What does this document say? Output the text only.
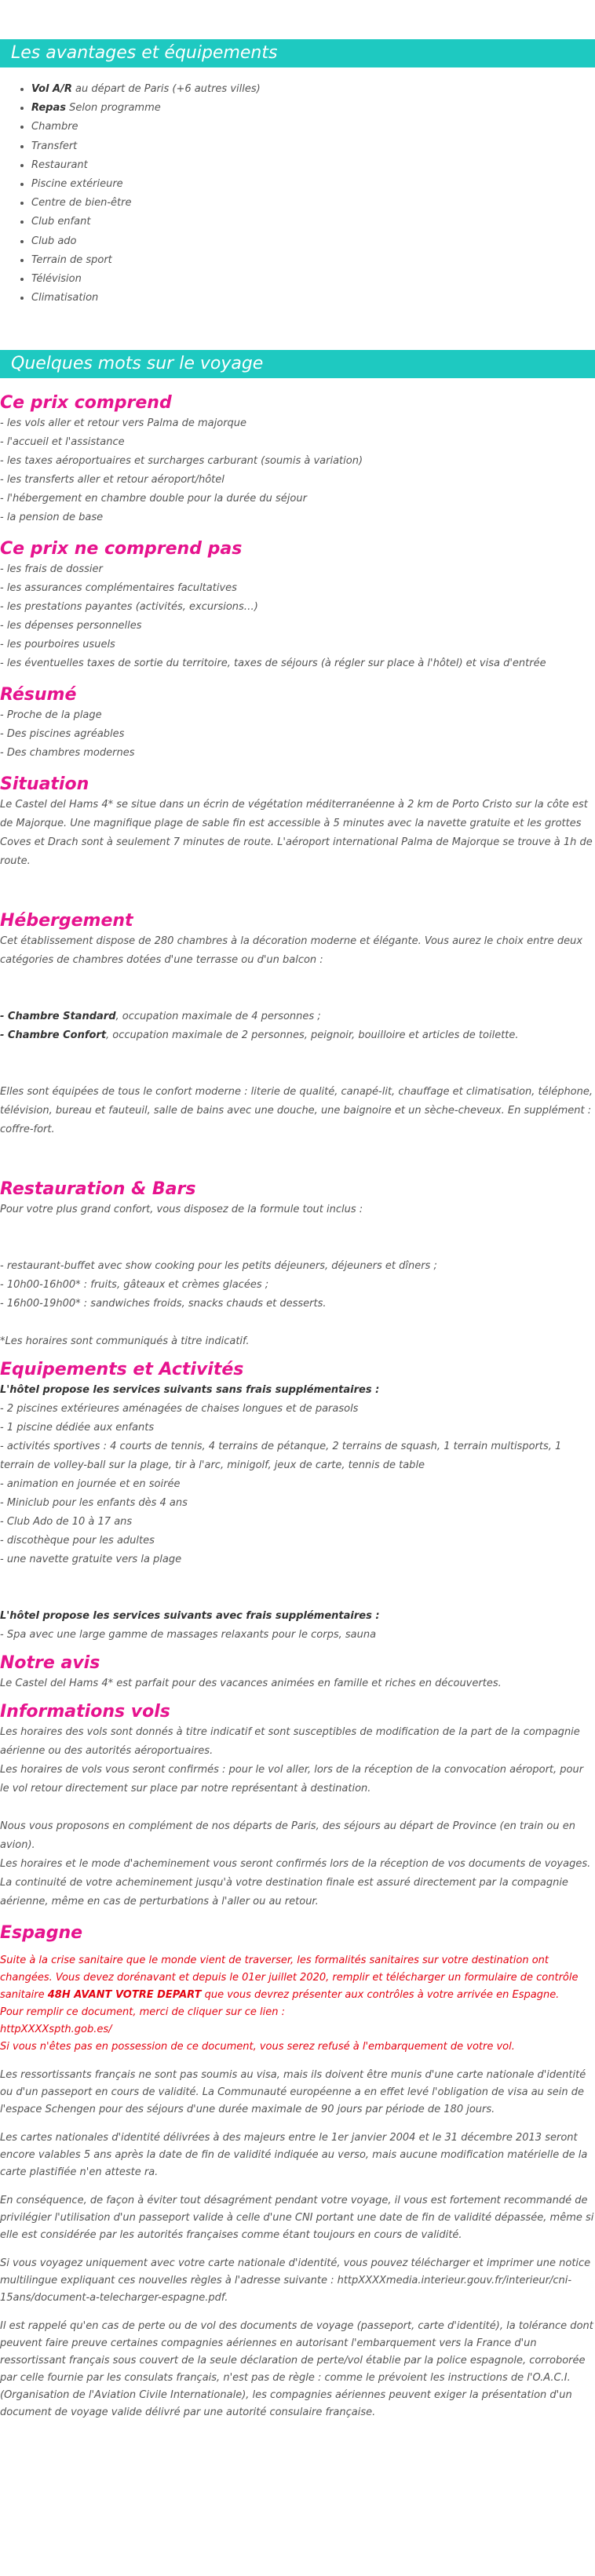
Les avantages et équipements
• Vol A/R au départ de Paris (+6 autres villes)
• Repas Selon programme
• Chambre
• Transfert
• Restaurant
• Piscine extérieure
• Centre de bien-être
• Club enfant
• Club ado
• Terrain de sport
• Télévision
• Climatisation
Quelques mots sur le voyage
Ce prix comprend

- les vols aller et retour vers Palma de majorque

- l'accueil et l'assistance

- les taxes aéroportuaires et surcharges carburant (soumis à variation)

- les transferts aller et retour aéroport/hôtel

- l'hébergement en chambre double pour la durée du séjour

- la pension de base

Ce prix ne comprend pas

- les frais de dossier

- les assurances complémentaires facultatives

- les prestations payantes (activités, excursions…)

- les dépenses personnelles

- les pourboires usuels

- les éventuelles taxes de sortie du territoire, taxes de séjours (à régler sur place à l'hôtel) et visa d'entrée

Résumé

- Proche de la plage

- Des piscines agréables

- Des chambres modernes

Situation

Le Castel del Hams 4* se situe dans un écrin de végétation méditerranéenne à 2 km de Porto Cristo sur la côte est de Majorque. Une magnifique plage de sable fin est accessible à 5 minutes avec la navette gratuite et les grottes Coves et Drach sont à seulement 7 minutes de route. L'aéroport international Palma de Majorque se trouve à 1h de route.

Hébergement

Cet établissement dispose de 280 chambres à la décoration moderne et élégante. Vous aurez le choix entre deux catégories de chambres dotées d'une terrasse ou d'un balcon :

- Chambre Standard, occupation maximale de 4 personnes ;

- Chambre Confort, occupation maximale de 2 personnes, peignoir, bouilloire et articles de toilette.

Elles sont équipées de tous le confort moderne : literie de qualité, canapé-lit, chauffage et climatisation, téléphone, télévision, bureau et fauteuil, salle de bains avec une douche, une baignoire et un sèche-cheveux. En supplément : coffre-fort.

Restauration & Bars

Pour votre plus grand confort, vous disposez de la formule tout inclus :

- restaurant-buffet avec show cooking pour les petits déjeuners, déjeuners et dîners ;

- 10h00-16h00* : fruits, gâteaux et crèmes glacées ;

- 16h00-19h00* : sandwiches froids, snacks chauds et desserts.

*Les horaires sont communiqués à titre indicatif.

Equipements et Activités

L'hôtel propose les services suivants sans frais supplémentaires :

- 2 piscines extérieures aménagées de chaises longues et de parasols

- 1 piscine dédiée aux enfants

- activités sportives : 4 courts de tennis, 4 terrains de pétanque, 2 terrains de squash, 1 terrain multisports, 1 terrain de volley-ball sur la plage, tir à l'arc, minigolf, jeux de carte, tennis de table

- animation en journée et en soirée

- Miniclub pour les enfants dès 4 ans

- Club Ado de 10 à 17 ans

- discothèque pour les adultes

- une navette gratuite vers la plage

L'hôtel propose les services suivants avec frais supplémentaires :

- Spa avec une large gamme de massages relaxants pour le corps, sauna

Notre avis

Le Castel del Hams 4* est parfait pour des vacances animées en famille et riches en découvertes.

Informations vols

Les horaires des vols sont donnés à titre indicatif et sont susceptibles de modification de la part de la compagnie aérienne ou des autorités aéroportuaires.

Les horaires de vols vous seront confirmés : pour le vol aller, lors de la réception de la convocation aéroport, pour le vol retour directement sur place par notre représentant à destination.

Nous vous proposons en complément de nos départs de Paris, des séjours au départ de Province (en train ou en avion).

Les horaires et le mode d'acheminement vous seront confirmés lors de la réception de vos documents de voyages.

La continuité de votre acheminement jusqu'à votre destination finale est assuré directement par la compagnie aérienne, même en cas de perturbations à l'aller ou au retour.

Espagne

Suite à la crise sanitaire que le monde vient de traverser, les formalités sanitaires sur votre destination ont changées. Vous devez dorénavant et depuis le 01er juillet 2020, remplir et télécharger un formulaire de contrôle sanitaire 48H AVANT VOTRE DEPART que vous devrez présenter aux contrôles à votre arrivée en Espagne.

Pour remplir ce document, merci de cliquer sur ce lien :

httpXXXXspth.gob.es/

Si vous n'êtes pas en possession de ce document, vous serez refusé à l'embarquement de votre vol.

Les ressortissants français ne sont pas soumis au visa, mais ils doivent être munis d'une carte nationale d'identité ou d'un passeport en cours de validité. La Communauté européenne a en effet levé l'obligation de visa au sein de l'espace Schengen pour des séjours d'une durée maximale de 90 jours par période de 180 jours.

Les cartes nationales d'identité délivrées à des majeurs entre le 1er janvier 2004 et le 31 décembre 2013 seront encore valables 5 ans après la date de fin de validité indiquée au verso, mais aucune modification matérielle de la carte plastifiée n'en atteste ra.

En conséquence, de façon à éviter tout désagrément pendant votre voyage, il vous est fortement recommandé de privilégier l'utilisation d'un passeport valide à celle d'une CNI portant une date de fin de validité dépassée, même si elle est considérée par les autorités françaises comme étant toujours en cours de validité.

Si vous voyagez uniquement avec votre carte nationale d'identité, vous pouvez télécharger et imprimer une notice multilingue expliquant ces nouvelles règles à l'adresse suivante : httpXXXXmedia.interieur.gouv.fr/interieur/cni-15ans/document-a-telecharger-espagne.pdf.

Il est rappelé qu'en cas de perte ou de vol des documents de voyage (passeport, carte d'identité), la tolérance dont peuvent faire preuve certaines compagnies aériennes en autorisant l'embarquement vers la France d'un ressortissant français sous couvert de la seule déclaration de perte/vol établie par la police espagnole, corroborée par celle fournie par les consulats français, n'est pas de règle : comme le prévoient les instructions de l'O.A.C.I. (Organisation de l'Aviation Civile Internationale), les compagnies aériennes peuvent exiger la présentation d'un document de voyage valide délivré par une autorité consulaire française.
